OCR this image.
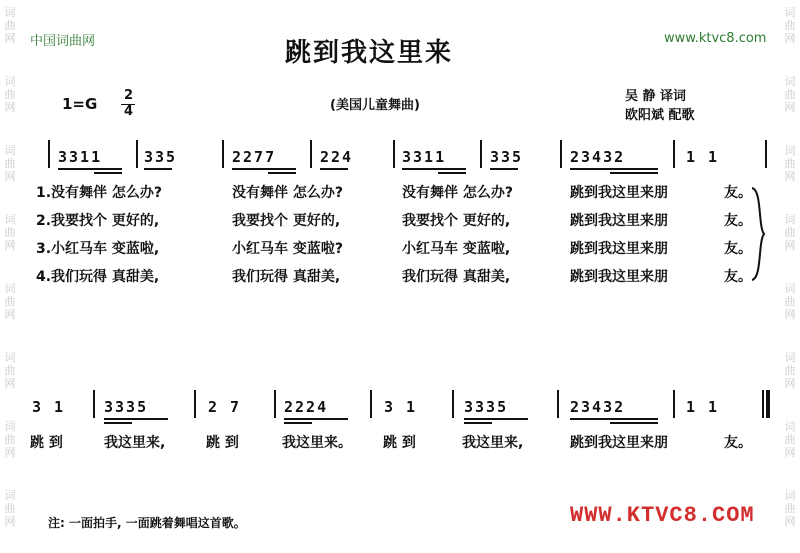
词
曲
网
词
曲
网
词
曲
网
词
曲
网
词
曲
网
词
曲
网
词
曲
网
词
曲
网
词
曲
网
词
曲
网
词
曲
网
词
曲
网
词
曲
网
词
曲
网
词
曲
网
词
曲
网
中国词曲网	www.ktvc8.com
跳到我这里来
1=G 2
4	(美国儿童舞曲)
吴 静 译词
欧阳斌 配歌
3311	335	2277	224	3311	335	23432	1 1
1.没有舞伴 怎么办?	没有舞伴 怎么办?	没有舞伴 怎么办?	跳到我这里来朋	友。
2.我要找个 更好的,	我要找个 更好的,	我要找个 更好的,	跳到我这里来朋	友。
3.小红马车 变蓝啦,	小红马车 变蓝啦?	小红马车 变蓝啦,	跳到我这里来朋	友。
4.我们玩得 真甜美,	我们玩得 真甜美,	我们玩得 真甜美,	跳到我这里来朋	友。
3 1	3335	2 7	2224	3 1	3335	23432	1 1
跳 到	我这里来,	跳 到	我这里来。 跳 到	我这里来,	跳到我这里来朋	友。
注: 一面拍手, 一面跳着舞唱这首歌。	WWW.KTVC8.COM
